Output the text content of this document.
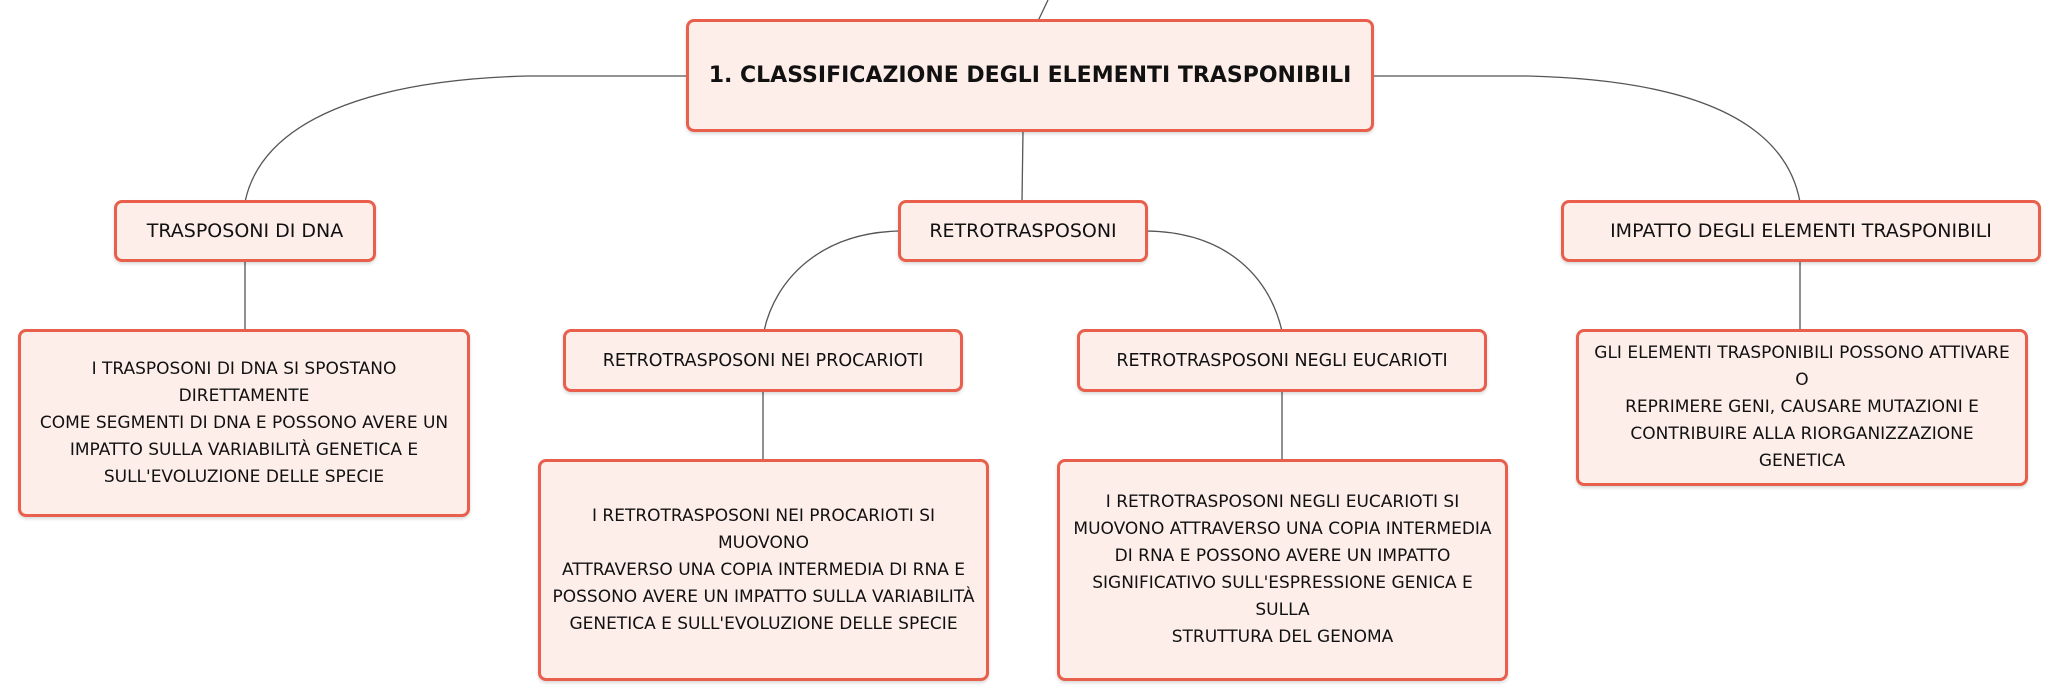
1. CLASSIFICAZIONE DEGLI ELEMENTI TRASPONIBILI
TRASPOSONI DI DNA	RETROTRASPOSONI	IMPATTO DEGLI ELEMENTI TRASPONIBILI
I TRASPOSONI DI DNA SI SPOSTANO DIRETTAMENTE
COME SEGMENTI DI DNA E POSSONO AVERE UN
IMPATTO SULLA VARIABILITÀ GENETICA E
SULL'EVOLUZIONE DELLE SPECIE
RETROTRASPOSONI NEI PROCARIOTI	RETROTRASPOSONI NEGLI EUCARIOTI	GLI ELEMENTI TRASPONIBILI POSSONO ATTIVARE O
REPRIMERE GENI, CAUSARE MUTAZIONI E
CONTRIBUIRE ALLA RIORGANIZZAZIONE GENETICA
I RETROTRASPOSONI NEI PROCARIOTI SI MUOVONO
ATTRAVERSO UNA COPIA INTERMEDIA DI RNA E
POSSONO AVERE UN IMPATTO SULLA VARIABILITÀ
GENETICA E SULL'EVOLUZIONE DELLE SPECIE
I RETROTRASPOSONI NEGLI EUCARIOTI SI
MUOVONO ATTRAVERSO UNA COPIA INTERMEDIA
DI RNA E POSSONO AVERE UN IMPATTO
SIGNIFICATIVO SULL'ESPRESSIONE GENICA E SULLA
STRUTTURA DEL GENOMA
